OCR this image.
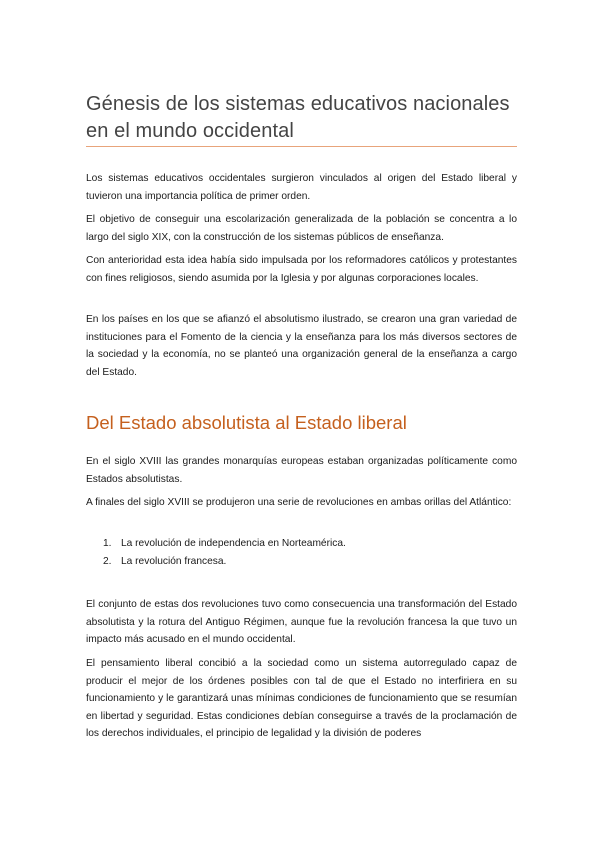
Génesis de los sistemas educativos nacionales en el mundo occidental

Los sistemas educativos occidentales surgieron vinculados al origen del Estado liberal y tuvieron una importancia política de primer orden.

El objetivo de conseguir una escolarización generalizada de la población se concentra a lo largo del siglo XIX, con la construcción de los sistemas públicos de enseñanza.

Con anterioridad esta idea había sido impulsada por los reformadores católicos y protestantes con fines religiosos, siendo asumida por la Iglesia y por algunas corporaciones locales.

En los países en los que se afianzó el absolutismo ilustrado, se crearon una gran variedad de instituciones para el Fomento de la ciencia y la enseñanza para los más diversos sectores de la sociedad y la economía, no se planteó una organización general de la enseñanza a cargo del Estado.

Del Estado absolutista al Estado liberal

En el siglo XVIII las grandes monarquías europeas estaban organizadas políticamente como Estados absolutistas.

A finales del siglo XVIII se produjeron una serie de revoluciones en ambas orillas del Atlántico:

1. La revolución de independencia en Norteamérica.
2. La revolución francesa.

El conjunto de estas dos revoluciones tuvo como consecuencia una transformación del Estado absolutista y la rotura del Antiguo Régimen, aunque fue la revolución francesa la que tuvo un impacto más acusado en el mundo occidental.

El pensamiento liberal concibió a la sociedad como un sistema autorregulado capaz de producir el mejor de los órdenes posibles con tal de que el Estado no interfiriera en su funcionamiento y le garantizará unas mínimas condiciones de funcionamiento que se resumían en libertad y seguridad. Estas condiciones debían conseguirse a través de la proclamación de los derechos individuales, el principio de legalidad y la división de poderes
